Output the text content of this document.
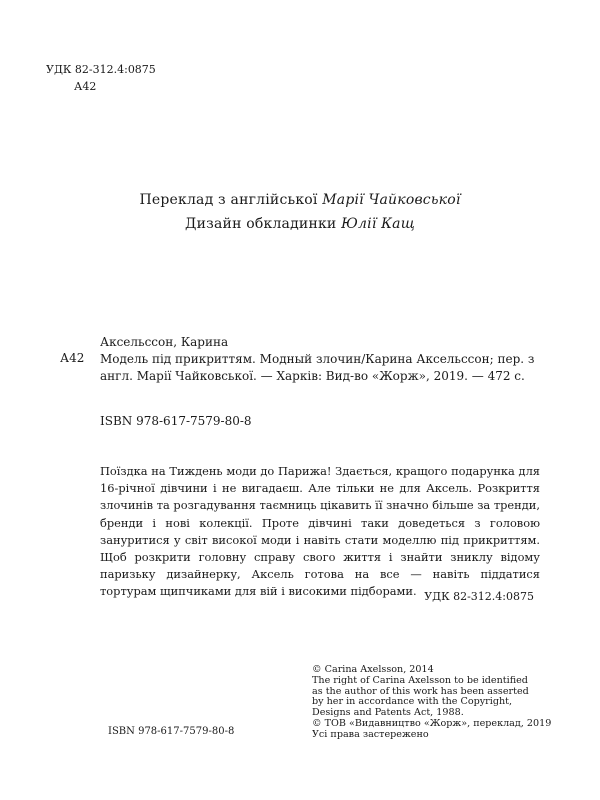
УДК 82-312.4:0875
А42
Переклад з англійської Марії Чайковської
Дизайн обкладинки Юлії Кащ
Аксельссон, Карина
А42 Модель під прикриттям. Модный злочин/Карина Аксельссон; пер. з англ. Марії Чайковської. — Харків: Вид-во «Жорж», 2019. — 472 с.
ISBN 978-617-7579-80-8
Поїздка на Тиждень моди до Парижа! Здається, кращого подарунка для 16-річної дівчини і не вигадаєш. Але тільки не для Аксель. Розкриття злочинів та розгадування таємниць цікавить її значно більше за тренди, бренди і нові колекції. Проте дівчині таки доведеться з головою зануритися у світ високої моди і навіть стати моделлю під прикриттям. Щоб розкрити головну справу свого життя і знайти зниклу відому паризьку дизайнерку, Аксель готова на все — навіть піддатися тортурам щипчиками для вій і високими підборами. УДК 82-312.4:0875
© Carina Axelsson, 2014
The right of Carina Axelsson to be identified
as the author of this work has been asserted
by her in accordance with the Copyright,
Designs and Patents Act, 1988.
© ТОВ «Видавництво «Жорж», переклад, 2019
Усі права застережено
ISBN 978-617-7579-80-8
